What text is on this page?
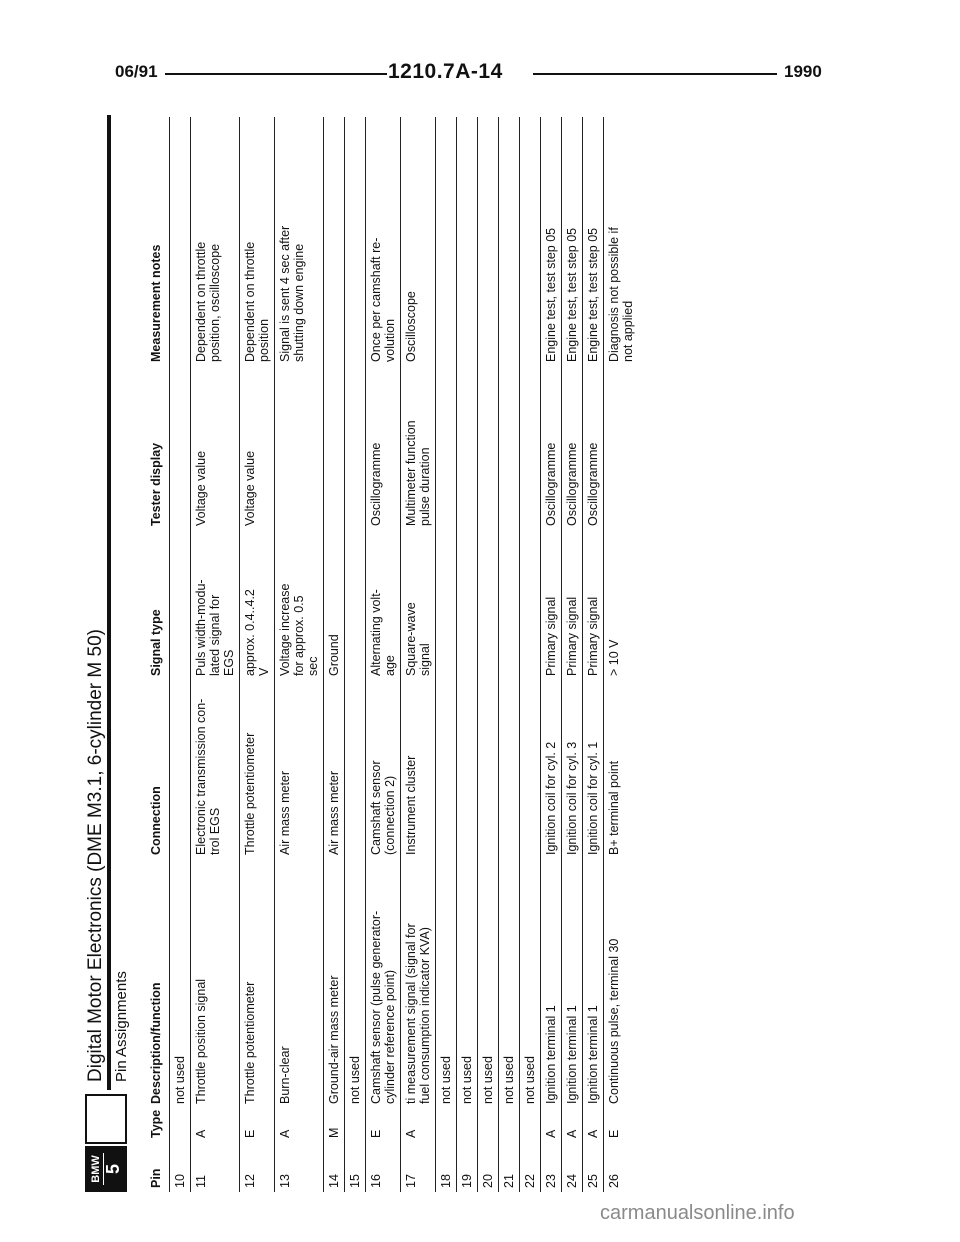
06/91	1210.7A-14	1990
BMW 5
Digital Motor Electronics (DME M3.1, 6-cylinder M 50) Pin Assignments
Pin	Type	Description/function	Connection	Signal type	Tester display	Measurement notes
10		not used				
11	A	Throttle position signal	Electronic transmission con-
trol EGS	Puls width-modu-
lated signal for
EGS	Voltage value	Dependent on throttle
position, oscilloscope
12	E	Throttle potentiometer	Throttle potentiometer	approx. 0.4..4.2
V	Voltage value	Dependent on throttle
position
13	A	Burn-clear	Air mass meter	Voltage increase
for approx. 0.5
sec		Signal is sent 4 sec after
shutting down engine
14	M	Ground-air mass meter	Air mass meter	Ground		
15		not used				
16	E	Camshaft sensor (pulse generator-
cylinder reference point)	Camshaft sensor
(connection 2)	Alternating volt-
age	Oscillogramme	Once per camshaft re-
volution
17	A	ti measurement signal (signal for
fuel consumption indicator KVA)	Instrument cluster	Square-wave
signal	Multimeter function
pulse duration	Oscilloscope
18		not used				
19		not used				
20		not used				
21		not used				
22		not used				
23	A	Ignition terminal 1	Ignition coil for cyl. 2	Primary signal	Oscillogramme	Engine test, test step 05
24	A	Ignition terminal 1	Ignition coil for cyl. 3	Primary signal	Oscillogramme	Engine test, test step 05
25	A	Ignition terminal 1	Ignition coil for cyl. 1	Primary signal	Oscillogramme	Engine test, test step 05
26	E	Continuous pulse, terminal 30	B+ terminal point	> 10 V		Diagnosis not possible if
not applied
carmanualsonline.info
